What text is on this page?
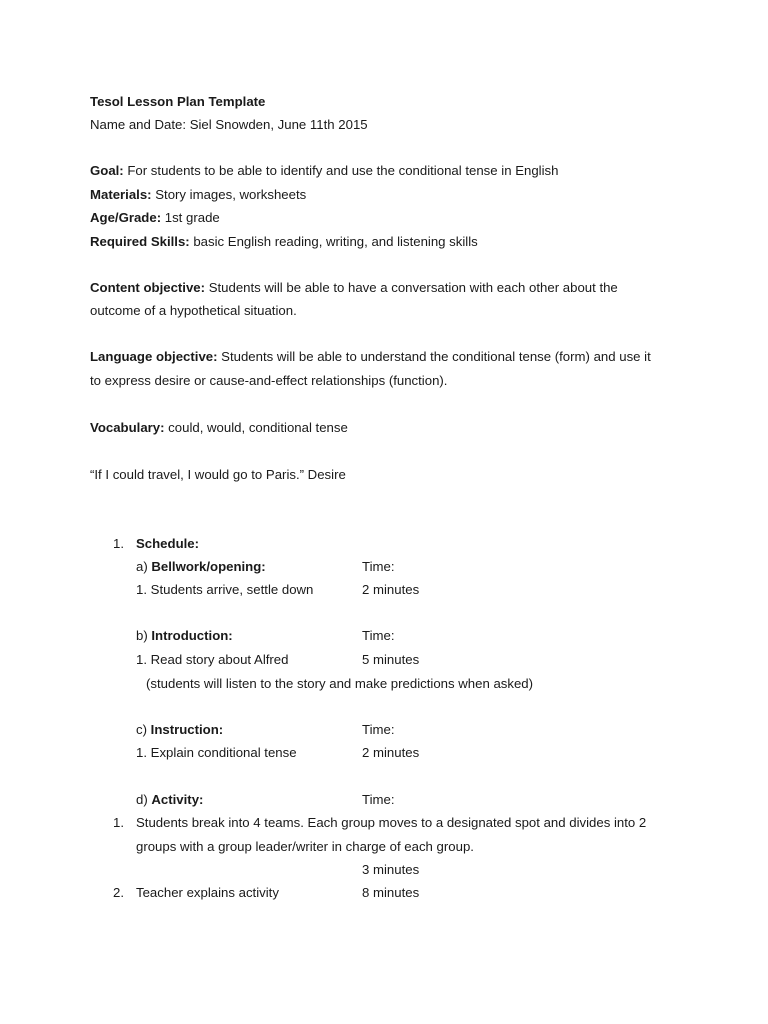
Tesol Lesson Plan Template
Name and Date: Siel Snowden, June 11th 2015
Goal: For students to be able to identify and use the conditional tense in English
Materials: Story images, worksheets
Age/Grade: 1st grade
Required Skills: basic English reading, writing, and listening skills
Content objective: Students will be able to have a conversation with each other about the
outcome of a hypothetical situation.
Language objective: Students will be able to understand the conditional tense (form) and use it
to express desire or cause-and-effect relationships (function).
Vocabulary: could, would, conditional tense
“If I could travel, I would go to Paris.” Desire
1. Schedule:
a) Bellwork/opening:	Time:
1. Students arrive, settle down	2 minutes
b) Introduction:	Time:
1. Read story about Alfred	5 minutes
(students will listen to the story and make predictions when asked)
c) Instruction:	Time:
1. Explain conditional tense	2 minutes
d) Activity:	Time:
1. Students break into 4 teams. Each group moves to a designated spot and divides into 2
groups with a group leader/writer in charge of each group.
3 minutes
2. Teacher explains activity	8 minutes
